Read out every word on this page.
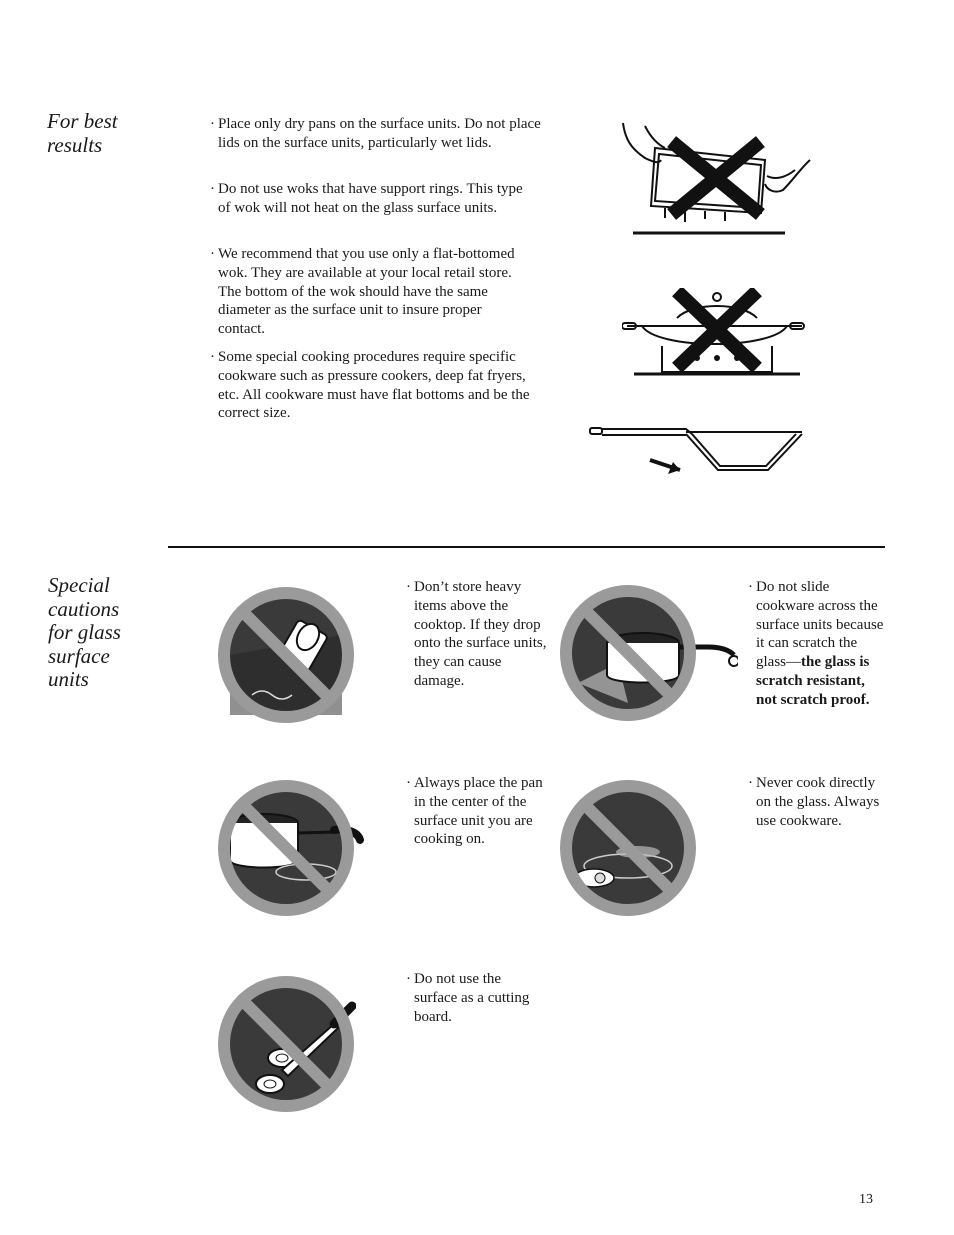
For best
results
· Place only dry pans on the surface units. Do not place lids on the surface units, particularly wet lids.
· Do not use woks that have support rings. This type of wok will not heat on the glass surface units.
· We recommend that you use only a flat-bottomed wok. They are available at your local retail store. The bottom of the wok should have the same diameter as the surface unit to insure proper contact.
· Some special cooking procedures require specific cookware such as pressure cookers, deep fat fryers, etc. All cookware must have flat bottoms and be the correct size.
Special
cautions
for glass
surface
units
· Don’t store heavy items above the cooktop. If they drop onto the surface units, they can cause damage.
· Do not slide cookware across the surface units because it can scratch the glass—the glass is scratch resistant, not scratch proof.
· Always place the pan in the center of the surface unit you are cooking on.
· Never cook directly on the glass. Always use cookware.
· Do not use the surface as a cutting board.
13
